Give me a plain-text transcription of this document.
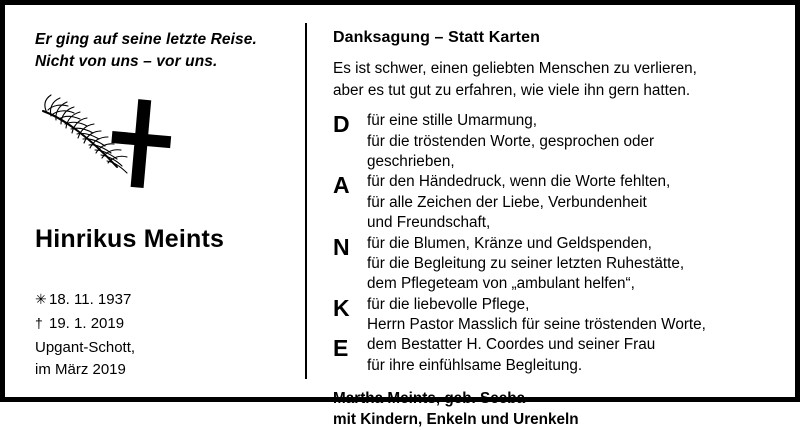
Er ging auf seine letzte Reise.
Nicht von uns – vor uns.
Hinrikus Meints
✳ 18. 11. 1937
† 19. 1. 2019
Upgant-Schott,
im März 2019
Danksagung – Statt Karten
Es ist schwer, einen geliebten Menschen zu verlieren,
aber es tut gut zu erfahren, wie viele ihn gern hatten.
D	für eine stille Umarmung,
für die tröstenden Worte, gesprochen oder
geschrieben,
A	für den Händedruck, wenn die Worte fehlten,
für alle Zeichen der Liebe, Verbundenheit
und Freundschaft,
N	für die Blumen, Kränze und Geldspenden,
für die Begleitung zu seiner letzten Ruhestätte,
dem Pflegeteam von „ambulant helfen“,
K	für die liebevolle Pflege,
Herrn Pastor Masslich für seine tröstenden Worte,
E	dem Bestatter H. Coordes und seiner Frau
für ihre einfühlsame Begleitung.
Martha Meints, geb. Seeba
mit Kindern, Enkeln und Urenkeln
